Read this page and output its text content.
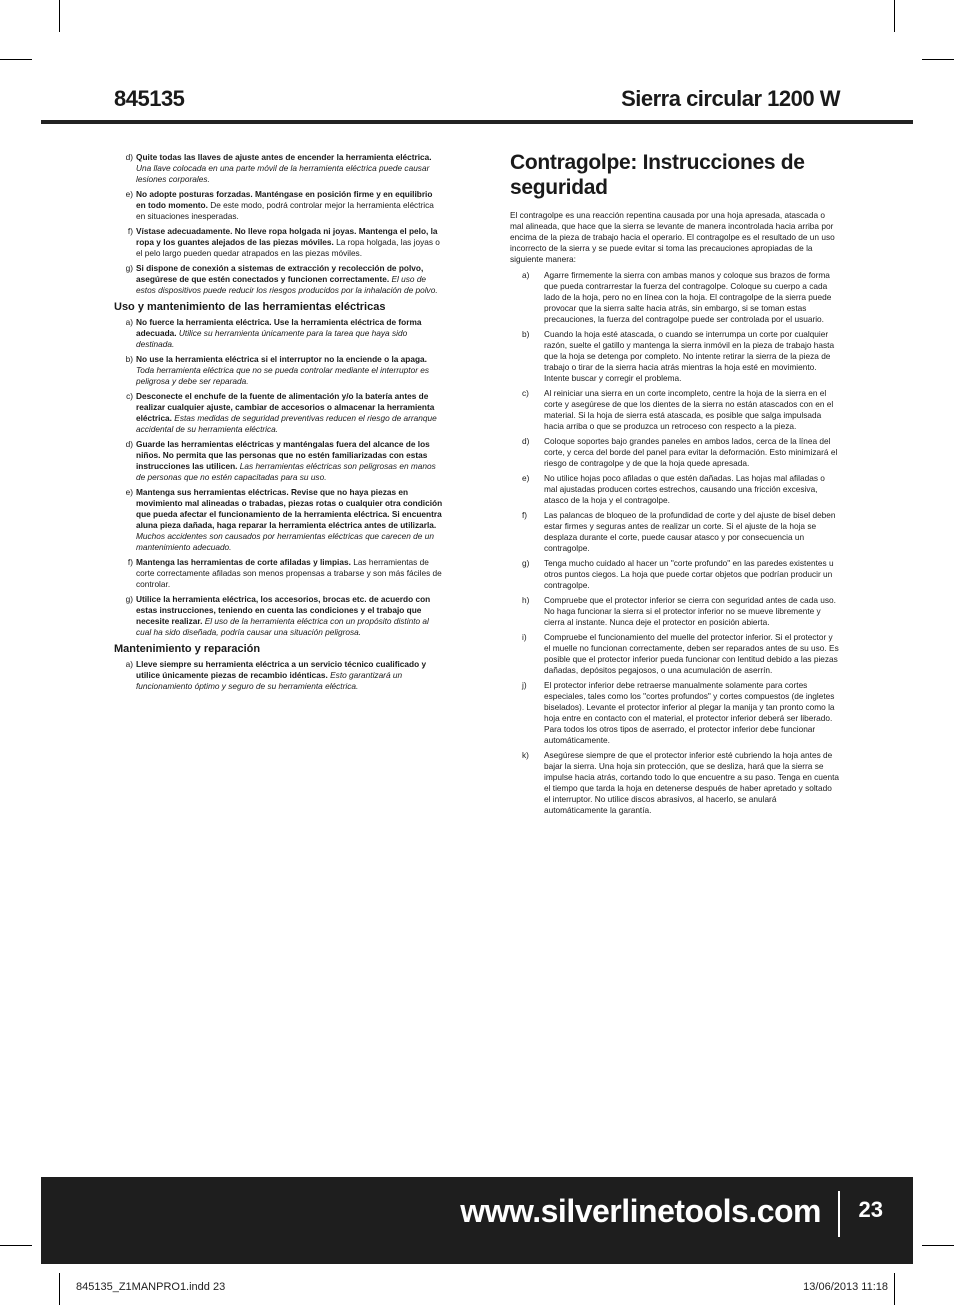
845135	Sierra circular 1200 W
d) Quite todas las llaves de ajuste antes de encender la herramienta eléctrica. Una llave colocada en una parte móvil de la herramienta eléctrica puede causar lesiones corporales.
e) No adopte posturas forzadas. Manténgase en posición firme y en equilibrio en todo momento. De este modo, podrá controlar mejor la herramienta eléctrica en situaciones inesperadas.
f) Vístase adecuadamente. No lleve ropa holgada ni joyas. Mantenga el pelo, la ropa y los guantes alejados de las piezas móviles. La ropa holgada, las joyas o el pelo largo pueden quedar atrapados en las piezas móviles.
g) Si dispone de conexión a sistemas de extracción y recolección de polvo, asegúrese de que estén conectados y funcionen correctamente. El uso de estos dispositivos puede reducir los riesgos producidos por la inhalación de polvo.
Uso y mantenimiento de las herramientas eléctricas
a) No fuerce la herramienta eléctrica. Use la herramienta eléctrica de forma adecuada. Utilice su herramienta únicamente para la tarea que haya sido destinada.
b) No use la herramienta eléctrica si el interruptor no la enciende o la apaga. Toda herramienta eléctrica que no se pueda controlar mediante el interruptor es peligrosa y debe ser reparada.
c) Desconecte el enchufe de la fuente de alimentación y/o la batería antes de realizar cualquier ajuste, cambiar de accesorios o almacenar la herramienta eléctrica. Estas medidas de seguridad preventivas reducen el riesgo de arranque accidental de su herramienta eléctrica.
d) Guarde las herramientas eléctricas y manténgalas fuera del alcance de los niños. No permita que las personas que no estén familiarizadas con estas instrucciones las utilicen. Las herramientas eléctricas son peligrosas en manos de personas que no estén capacitadas para su uso.
e) Mantenga sus herramientas eléctricas. Revise que no haya piezas en movimiento mal alineadas o trabadas, piezas rotas o cualquier otra condición que pueda afectar el funcionamiento de la herramienta eléctrica. Si encuentra aluna pieza dañada, haga reparar la herramienta eléctrica antes de utilizarla. Muchos accidentes son causados por herramientas eléctricas que carecen de un mantenimiento adecuado.
f) Mantenga las herramientas de corte afiladas y limpias. Las herramientas de corte correctamente afiladas son menos propensas a trabarse y son más fáciles de controlar.
g) Utilice la herramienta eléctrica, los accesorios, brocas etc. de acuerdo con estas instrucciones, teniendo en cuenta las condiciones y el trabajo que necesite realizar. El uso de la herramienta eléctrica con un propósito distinto al cual ha sido diseñada, podría causar una situación peligrosa.
Mantenimiento y reparación
a) Lleve siempre su herramienta eléctrica a un servicio técnico cualificado y utilice únicamente piezas de recambio idénticas. Esto garantizará un funcionamiento óptimo y seguro de su herramienta eléctrica.
Contragolpe: Instrucciones de seguridad
El contragolpe es una reacción repentina causada por una hoja apresada, atascada o mal alineada, que hace que la sierra se levante de manera incontrolada hacia arriba por encima de la pieza de trabajo hacia el operario. El contragolpe es el resultado de un uso incorrecto de la sierra y se puede evitar si toma las precauciones apropiadas de la siguiente manera:
a)	Agarre firmemente la sierra con ambas manos y coloque sus brazos de forma que pueda contrarrestar la fuerza del contragolpe. Coloque su cuerpo a cada lado de la hoja, pero no en línea con la hoja. El contragolpe de la sierra puede provocar que la sierra salte hacia atrás, sin embargo, si se toman estas precauciones, la fuerza del contragolpe puede ser controlada por el usuario.
b)	Cuando la hoja esté atascada, o cuando se interrumpa un corte por cualquier razón, suelte el gatillo y mantenga la sierra inmóvil en la pieza de trabajo hasta que la hoja se detenga por completo. No intente retirar la sierra de la pieza de trabajo o tirar de la sierra hacia atrás mientras la hoja esté en movimiento. Intente buscar y corregir el problema.
c)	Al reiniciar una sierra en un corte incompleto, centre la hoja de la sierra en el corte y asegúrese de que los dientes de la sierra no están atascados con en el material. Si la hoja de sierra está atascada, es posible que salga impulsada hacia arriba o que se produzca un retroceso con respecto a la pieza.
d)	Coloque soportes bajo grandes paneles en ambos lados, cerca de la línea del corte, y cerca del borde del panel para evitar la deformación. Esto minimizará el riesgo de contragolpe y de que la hoja quede apresada.
e)	No utilice hojas poco afiladas o que estén dañadas. Las hojas mal afiladas o mal ajustadas producen cortes estrechos, causando una fricción excesiva, atasco de la hoja y el contragolpe.
f)	Las palancas de bloqueo de la profundidad de corte y del ajuste de bisel deben estar firmes y seguras antes de realizar un corte. Si el ajuste de la hoja se desplaza durante el corte, puede causar atasco y por consecuencia un contragolpe.
g)	Tenga mucho cuidado al hacer un "corte profundo" en las paredes existentes u otros puntos ciegos. La hoja que puede cortar objetos que podrían producir un contragolpe.
h)	Compruebe que el protector inferior se cierra con seguridad antes de cada uso. No haga funcionar la sierra si el protector inferior no se mueve libremente y cierra al instante. Nunca deje el protector en posición abierta.
i)	Compruebe el funcionamiento del muelle del protector inferior. Si el protector y el muelle no funcionan correctamente, deben ser reparados antes de su uso. Es posible que el protector inferior pueda funcionar con lentitud debido a las piezas dañadas, depósitos pegajosos, o una acumulación de aserrín.
j)	El protector inferior debe retraerse manualmente solamente para cortes especiales, tales como los "cortes profundos" y cortes compuestos (de ingletes biselados). Levante el protector inferior al plegar la manija y tan pronto como la hoja entre en contacto con el material, el protector inferior deberá ser liberado. Para todos los otros tipos de aserrado, el protector inferior debe funcionar automáticamente.
k)	Asegúrese siempre de que el protector inferior esté cubriendo la hoja antes de bajar la sierra. Una hoja sin protección, que se desliza, hará que la sierra se impulse hacia atrás, cortando todo lo que encuentre a su paso. Tenga en cuenta el tiempo que tarda la hoja en detenerse después de haber apretado y soltado el interruptor. No utilice discos abrasivos, al hacerlo, se anulará automáticamente la garantía.
www.silverlinetools.com 23
845135_Z1MANPRO1.indd 23	13/06/2013 11:18
